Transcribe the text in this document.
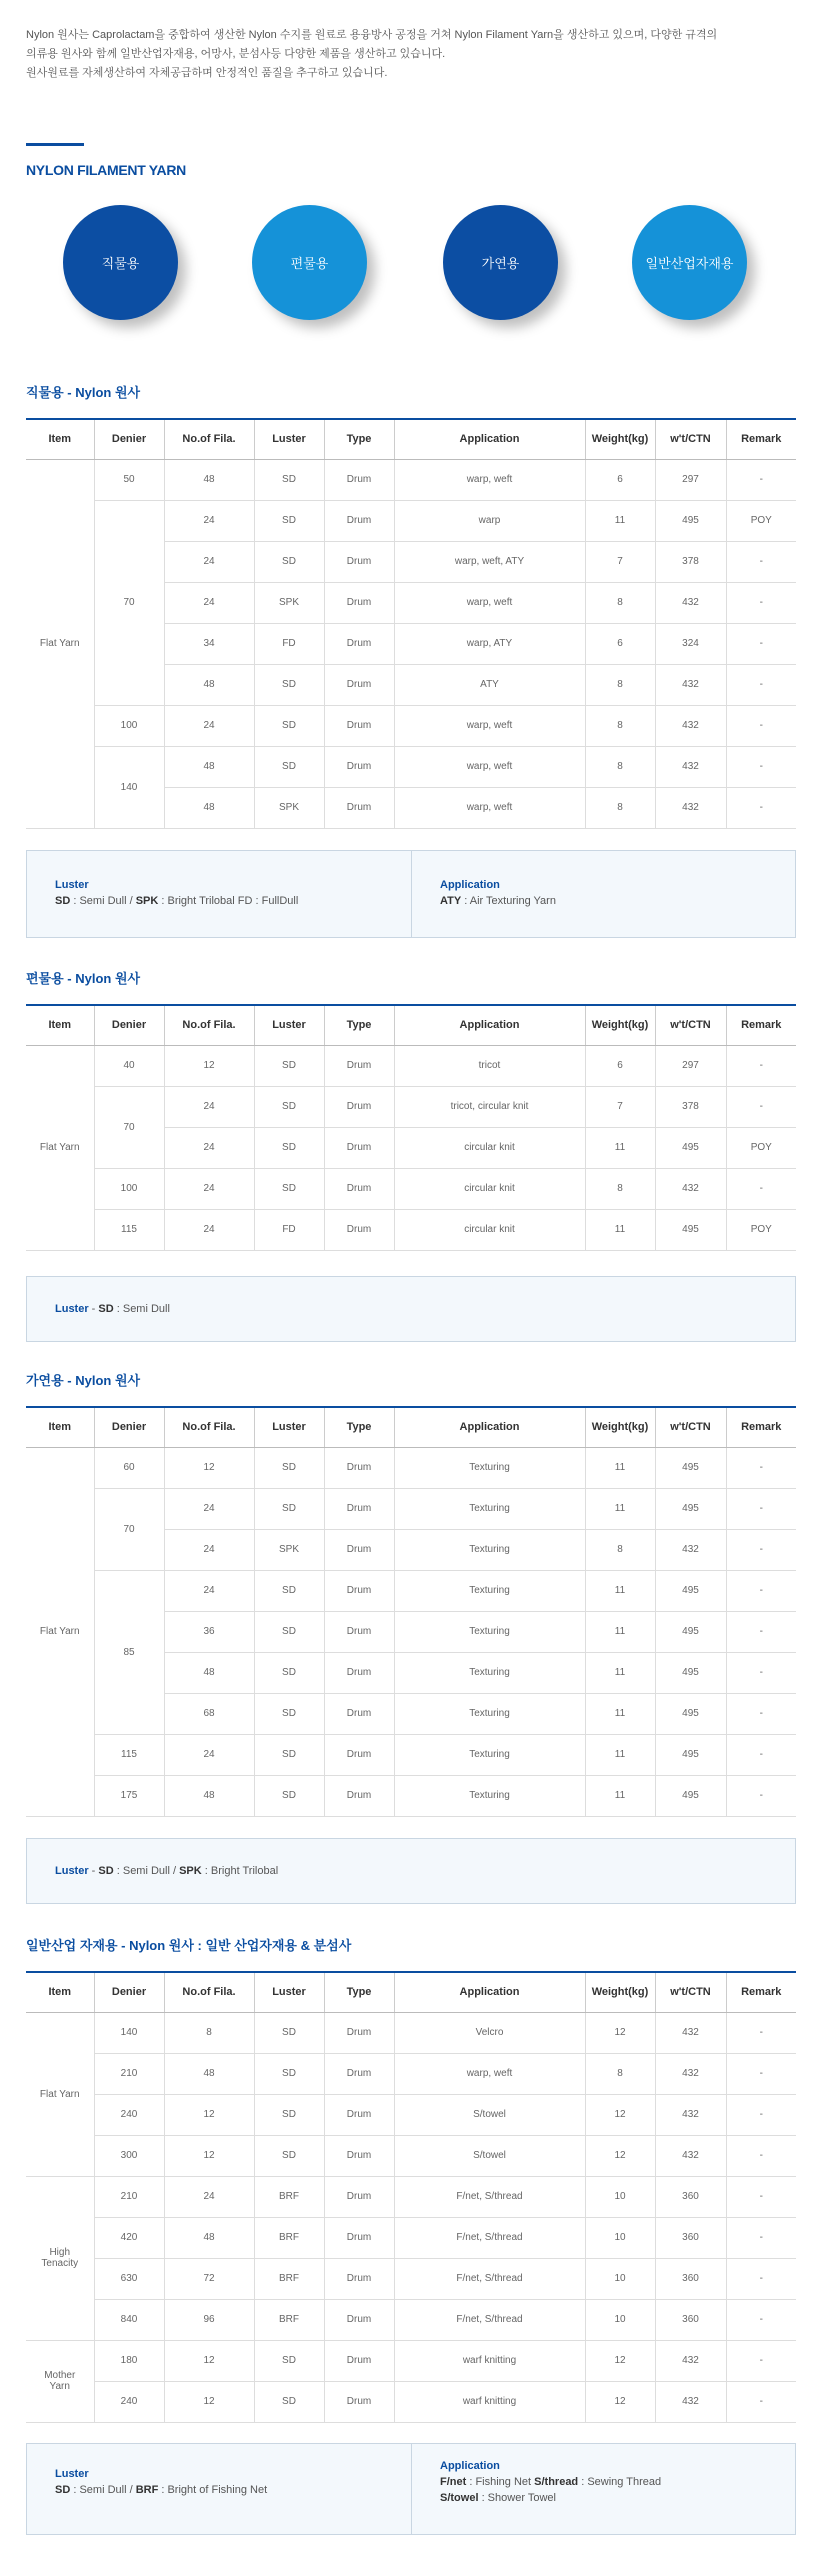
Nylon 원사는 Caprolactam을 중합하여 생산한 Nylon 수지를 원료로 용융방사 공정을 거쳐 Nylon Filament Yarn을 생산하고 있으며, 다양한 규격의

의류용 원사와 함께 일반산업자재용, 어망사, 분섬사등 다양한 제품을 생산하고 있습니다.

원사원료를 자체생산하여 자체공급하며 안정적인 품질을 추구하고 있습니다.

NYLON FILAMENT YARN
직물용	편물용	가연용	일반산업자재용
직물용 - Nylon 원사
Item	Denier	No.of Fila.	Luster	Type	Application	Weight(kg)	w't/CTN	Remark
Flat Yarn	50	48	SD	Drum	warp, weft	6	297	-
	70	24	SD	Drum	warp	11	495	POY
		24	SD	Drum	warp, weft, ATY	7	378	-
		24	SPK	Drum	warp, weft	8	432	-
		34	FD	Drum	warp, ATY	6	324	-
		48	SD	Drum	ATY	8	432	-
	100	24	SD	Drum	warp, weft	8	432	-
	140	48	SD	Drum	warp, weft	8	432	-
		48	SPK	Drum	warp, weft	8	432	-
Luster
SD : Semi Dull / SPK : Bright Trilobal FD : FullDull
Application
ATY : Air Texturing Yarn
편물용 - Nylon 원사
Item	Denier	No.of Fila.	Luster	Type	Application	Weight(kg)	w't/CTN	Remark
Flat Yarn	40	12	SD	Drum	tricot	6	297	-
	70	24	SD	Drum	tricot, circular knit	7	378	-
		24	SD	Drum	circular knit	11	495	POY
	100	24	SD	Drum	circular knit	8	432	-
	115	24	FD	Drum	circular knit	11	495	POY
Luster - SD : Semi Dull
가연용 - Nylon 원사
Item	Denier	No.of Fila.	Luster	Type	Application	Weight(kg)	w't/CTN	Remark
Flat Yarn	60	12	SD	Drum	Texturing	11	495	-
	70	24	SD	Drum	Texturing	11	495	-
		24	SPK	Drum	Texturing	8	432	-
	85	24	SD	Drum	Texturing	11	495	-
		36	SD	Drum	Texturing	11	495	-
		48	SD	Drum	Texturing	11	495	-
		68	SD	Drum	Texturing	11	495	-
	115	24	SD	Drum	Texturing	11	495	-
	175	48	SD	Drum	Texturing	11	495	-
Luster - SD : Semi Dull / SPK : Bright Trilobal
일반산업 자재용 - Nylon 원사 : 일반 산업자재용 & 분섬사
Item	Denier	No.of Fila.	Luster	Type	Application	Weight(kg)	w't/CTN	Remark
Flat Yarn	140	8	SD	Drum	Velcro	12	432	-
	210	48	SD	Drum	warp, weft	8	432	-
	240	12	SD	Drum	S/towel	12	432	-
	300	12	SD	Drum	S/towel	12	432	-

High
Tenacity	210	24	BRF	Drum	F/net, S/thread	10	360	-
	420	48	BRF	Drum	F/net, S/thread	10	360	-
	630	72	BRF	Drum	F/net, S/thread	10	360	-
	840	96	BRF	Drum	F/net, S/thread	10	360	-

Mother
Yarn	180	12	SD	Drum	warf knitting	12	432	-
	240	12	SD	Drum	warf knitting	12	432	-
Luster
SD : Semi Dull / BRF : Bright of Fishing Net
Application
F/net : Fishing Net S/thread : Sewing Thread
S/towel : Shower Towel
